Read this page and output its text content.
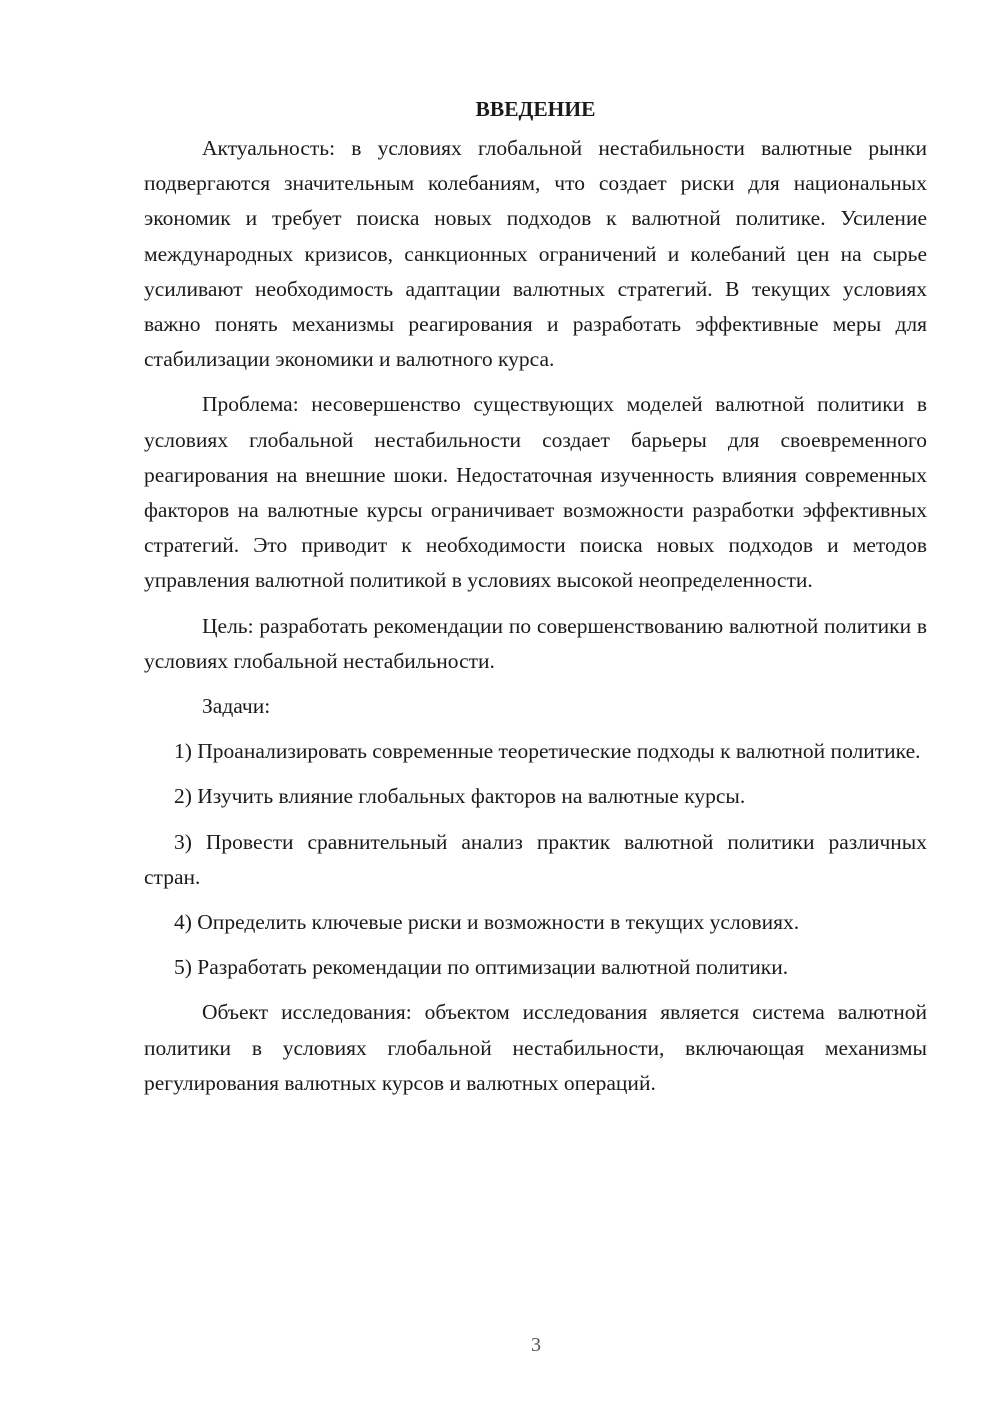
ВВЕДЕНИЕ

Актуальность: в условиях глобальной нестабильности валютные рынки подвергаются значительным колебаниям, что создает риски для национальных экономик и требует поиска новых подходов к валютной политике. Усиление международных кризисов, санкционных ограничений и колебаний цен на сырье усиливают необходимость адаптации валютных стратегий. В текущих условиях важно понять механизмы реагирования и разработать эффективные меры для стабилизации экономики и валютного курса.

Проблема: несовершенство существующих моделей валютной политики в условиях глобальной нестабильности создает барьеры для своевременного реагирования на внешние шоки. Недостаточная изученность влияния современных факторов на валютные курсы ограничивает возможности разработки эффективных стратегий. Это приводит к необходимости поиска новых подходов и методов управления валютной политикой в условиях высокой неопределенности.

Цель: разработать рекомендации по совершенствованию валютной политики в условиях глобальной нестабильности.

Задачи:

1) Проанализировать современные теоретические подходы к валютной политике.

2) Изучить влияние глобальных факторов на валютные курсы.

3) Провести сравнительный анализ практик валютной политики различных стран.

4) Определить ключевые риски и возможности в текущих условиях.

5) Разработать рекомендации по оптимизации валютной политики.

Объект исследования: объектом исследования является система валютной политики в условиях глобальной нестабильности, включающая механизмы регулирования валютных курсов и валютных операций.

3
